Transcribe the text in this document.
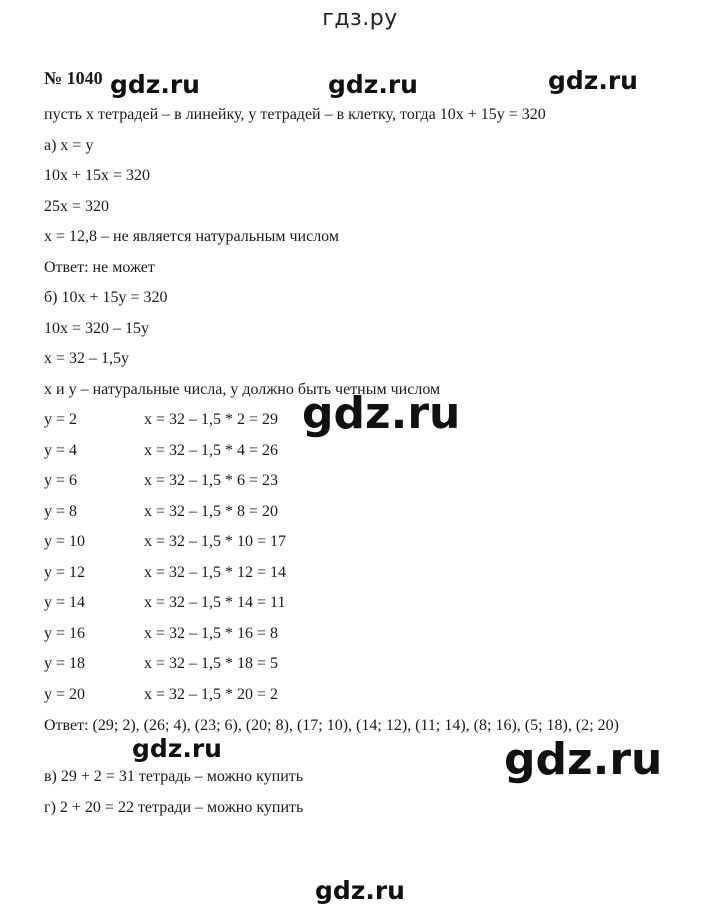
гдз.ру
№ 1040
пусть x тетрадей – в линейку, y тетрадей – в клетку, тогда 10x + 15y = 320
а) x = y
10x + 15x = 320
25x = 320
x = 12,8 – не является натуральным числом
Ответ: не может
б) 10x + 15y = 320
10x = 320 – 15y
x = 32 – 1,5y
x и y – натуральные числа, y должно быть четным числом
y = 2	x = 32 – 1,5 * 2 = 29
y = 4	x = 32 – 1,5 * 4 = 26
y = 6	x = 32 – 1,5 * 6 = 23
y = 8	x = 32 – 1,5 * 8 = 20
y = 10	x = 32 – 1,5 * 10 = 17
y = 12	x = 32 – 1,5 * 12 = 14
y = 14	x = 32 – 1,5 * 14 = 11
y = 16	x = 32 – 1,5 * 16 = 8
y = 18	x = 32 – 1,5 * 18 = 5
y = 20	x = 32 – 1,5 * 20 = 2
Ответ: (29; 2), (26; 4), (23; 6), (20; 8), (17; 10), (14; 12), (11; 14), (8; 16), (5; 18), (2; 20)
в) 29 + 2 = 31 тетрадь – можно купить
г) 2 + 20 = 22 тетради – можно купить
gdz.ru	gdz.ru	gdz.ru
gdz.ru
gdz.ru	gdz.ru
gdz.ru
